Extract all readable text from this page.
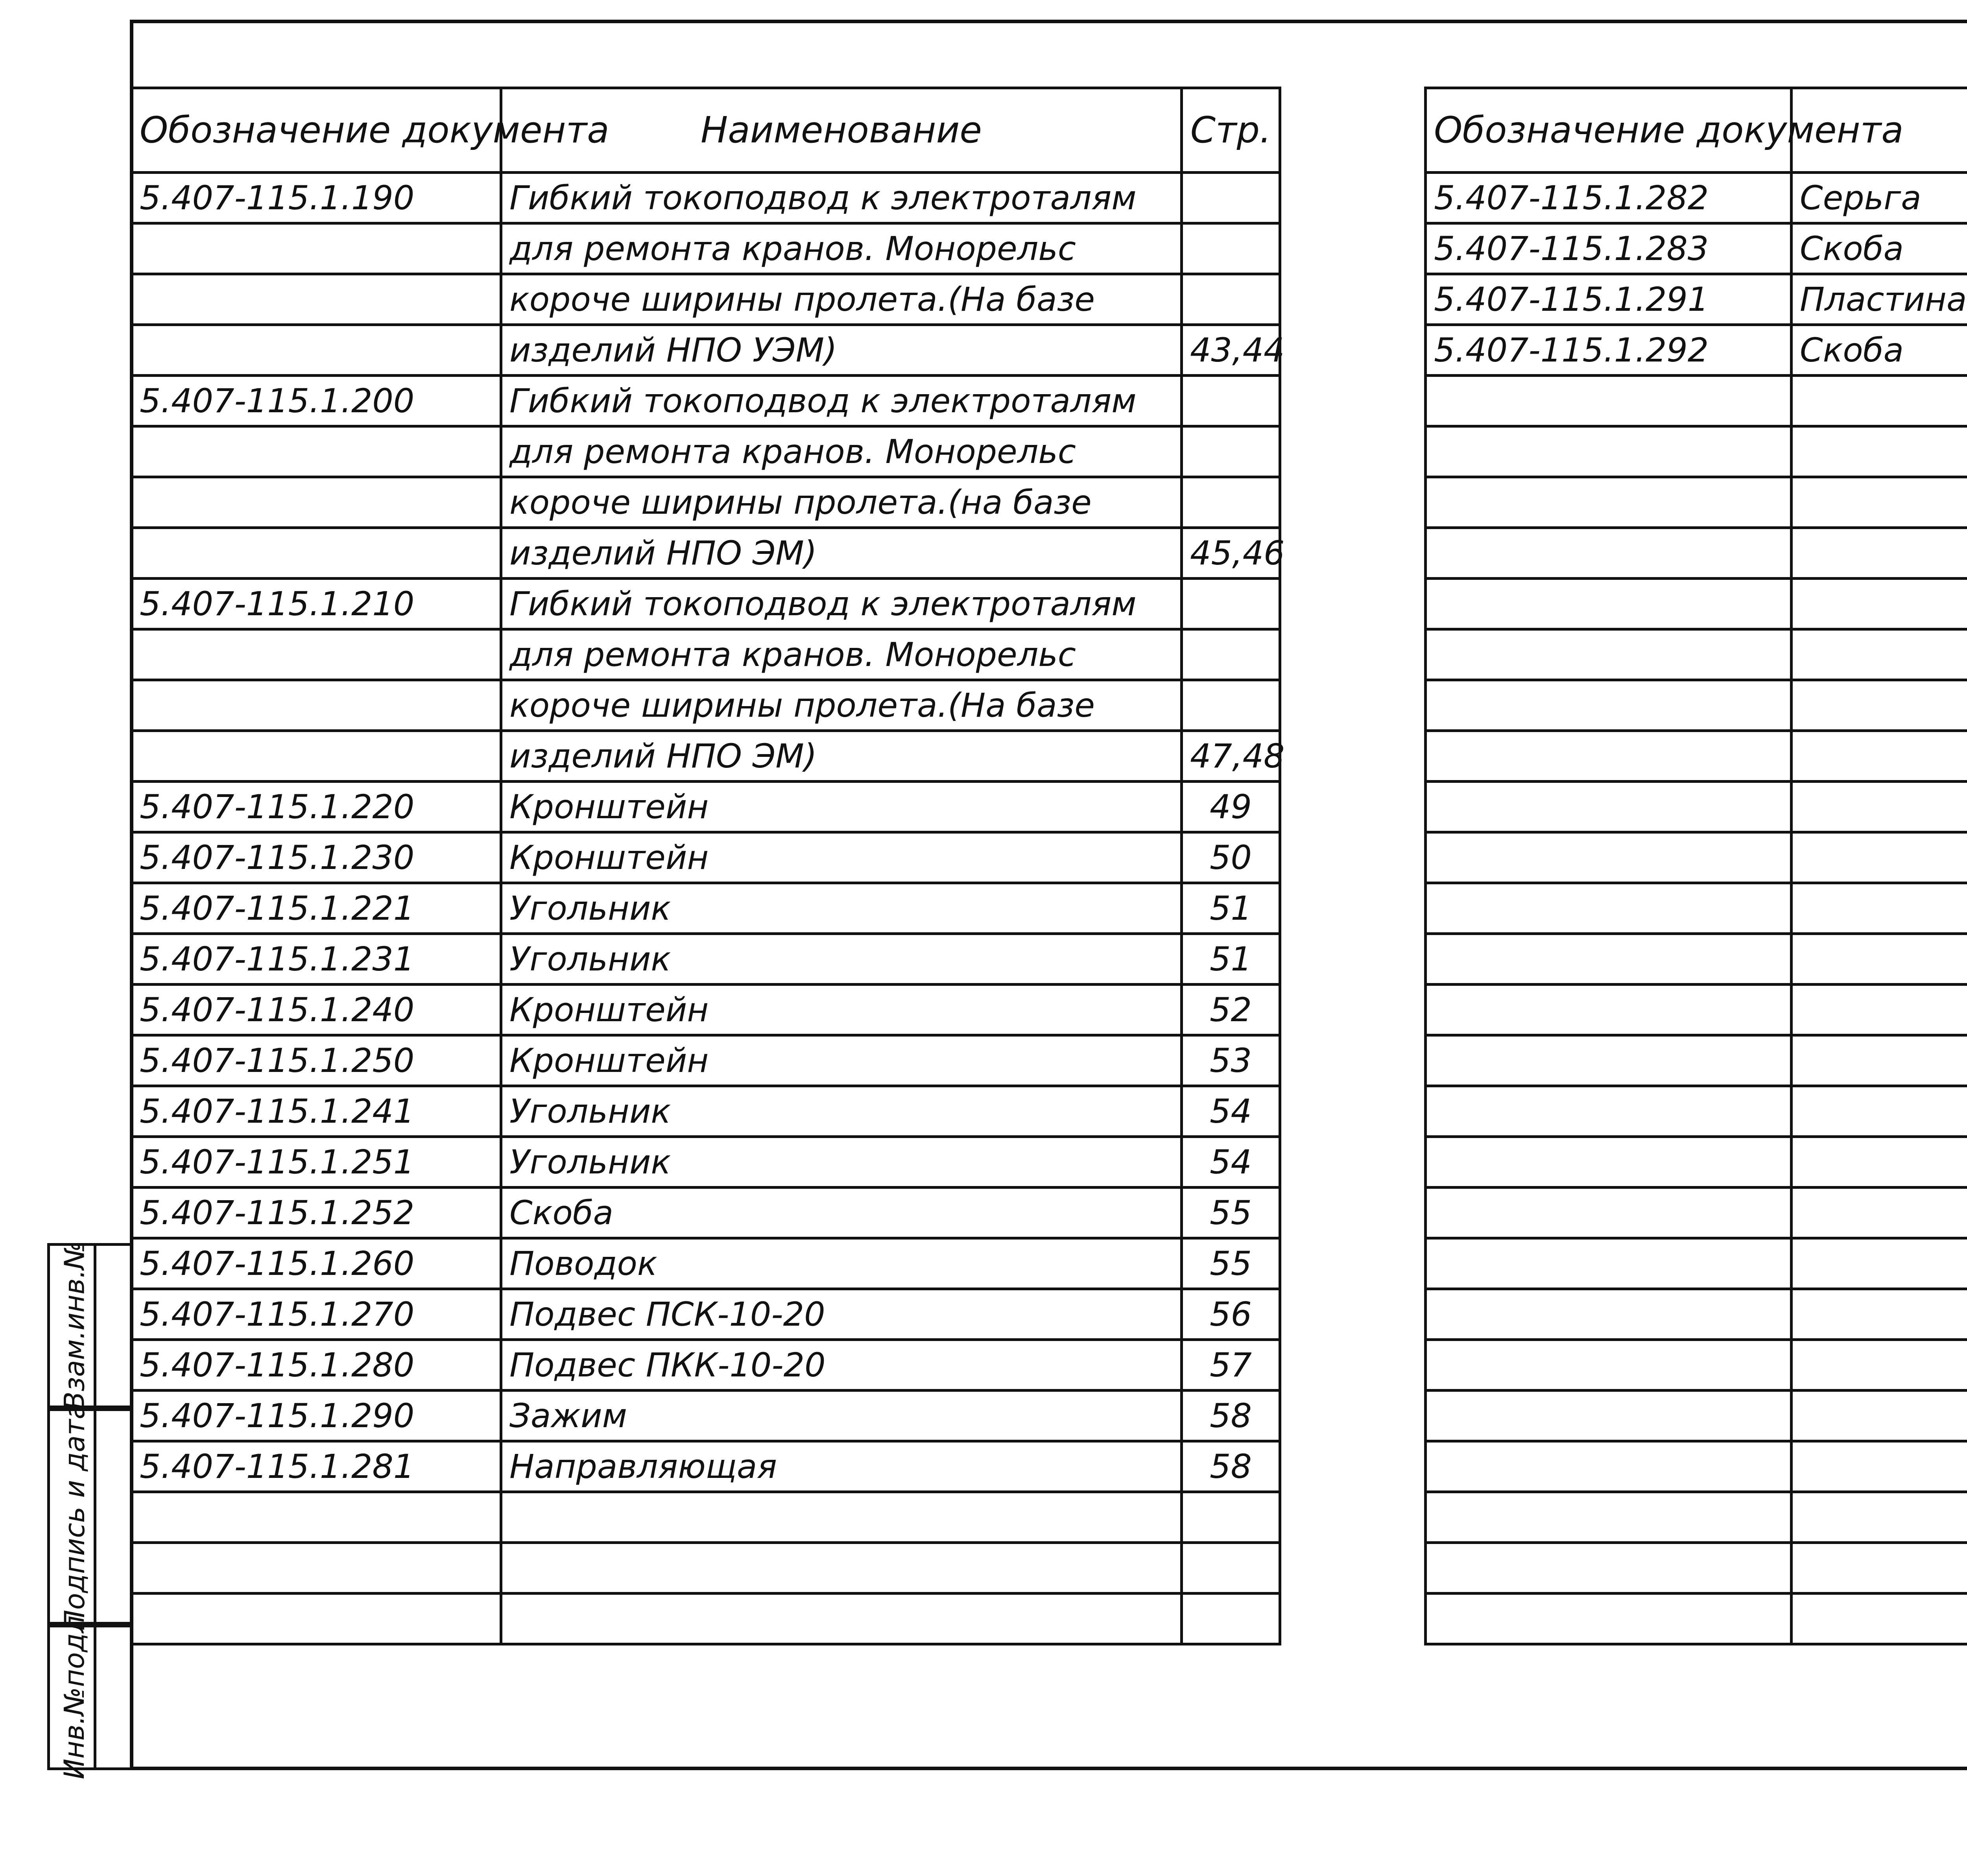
Взам.инв.№
Подпись и дата
Инв.№подл
Обозначение документа	Наименование	Стр.
5.407-115.1.190	Гибкий токоподвод к электроталям	
	для ремонта кранов. Монорельс	
	короче ширины пролета.(На базе	
	изделий НПО УЭМ)	43,44
5.407-115.1.200	Гибкий токоподвод к электроталям	
	для ремонта кранов. Монорельс	
	короче ширины пролета.(на базе	
	изделий НПО ЭМ)	45,46
5.407-115.1.210	Гибкий токоподвод к электроталям	
	для ремонта кранов. Монорельс	
	короче ширины пролета.(На базе	
	изделий НПО ЭМ)	47,48
5.407-115.1.220	Кронштейн	49
5.407-115.1.230	Кронштейн	50
5.407-115.1.221	Угольник	51
5.407-115.1.231	Угольник	51
5.407-115.1.240	Кронштейн	52
5.407-115.1.250	Кронштейн	53
5.407-115.1.241	Угольник	54
5.407-115.1.251	Угольник	54
5.407-115.1.252	Скоба	55
5.407-115.1.260	Поводок	55
5.407-115.1.270	Подвес ПСК-10-20	56
5.407-115.1.280	Подвес ПКК-10-20	57
5.407-115.1.290	Зажим	58
5.407-115.1.281	Направляющая	58

Обозначение документа		
5.407-115.1.282	Серьга	
5.407-115.1.283	Скоба	
5.407-115.1.291	Пластина	
5.407-115.1.292	Скоба	
